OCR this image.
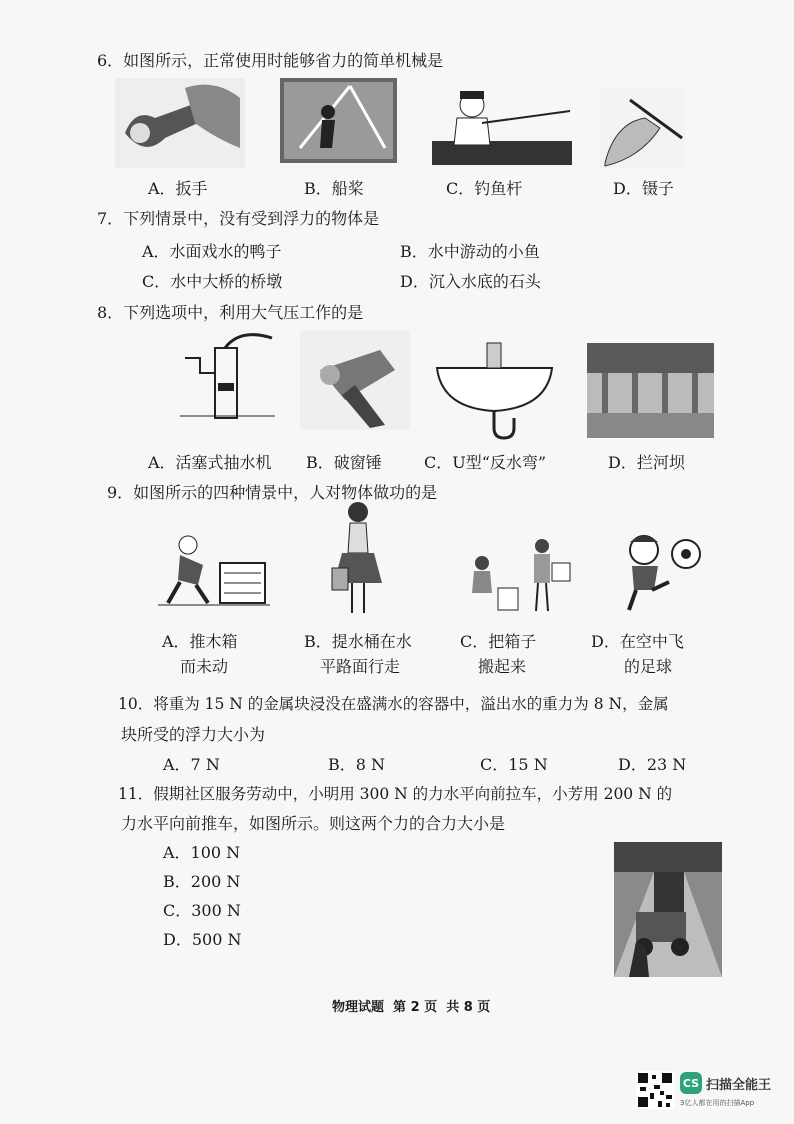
6．如图所示，正常使用时能够省力的简单机械是
A．扳手	B．船桨	C．钓鱼杆	D．镊子
7．下列情景中，没有受到浮力的物体是
A．水面戏水的鸭子	B．水中游动的小鱼
C．水中大桥的桥墩	D．沉入水底的石头
8．下列选项中，利用大气压工作的是
A．活塞式抽水机 B．破窗锤	C．U型“反水弯”	D．拦河坝
9．如图所示的四种情景中，人对物体做功的是
A．推木箱
而未动
B．提水桶在水
平路面行走
C．把箱子
搬起来
D．在空中飞
的足球
10．将重为 15 N 的金属块浸没在盛满水的容器中，溢出水的重力为 8 N，金属
块所受的浮力大小为
A．7 N	B．8 N	C．15 N	D．23 N
11．假期社区服务劳动中，小明用 300 N 的力水平向前拉车，小芳用 200 N 的
力水平向前推车，如图所示。则这两个力的合力大小是
A．100 N
B．200 N
C．300 N
D．500 N
物理试题  第 2 页  共 8 页
CS 扫描全能王
3亿人都在用的扫描App
